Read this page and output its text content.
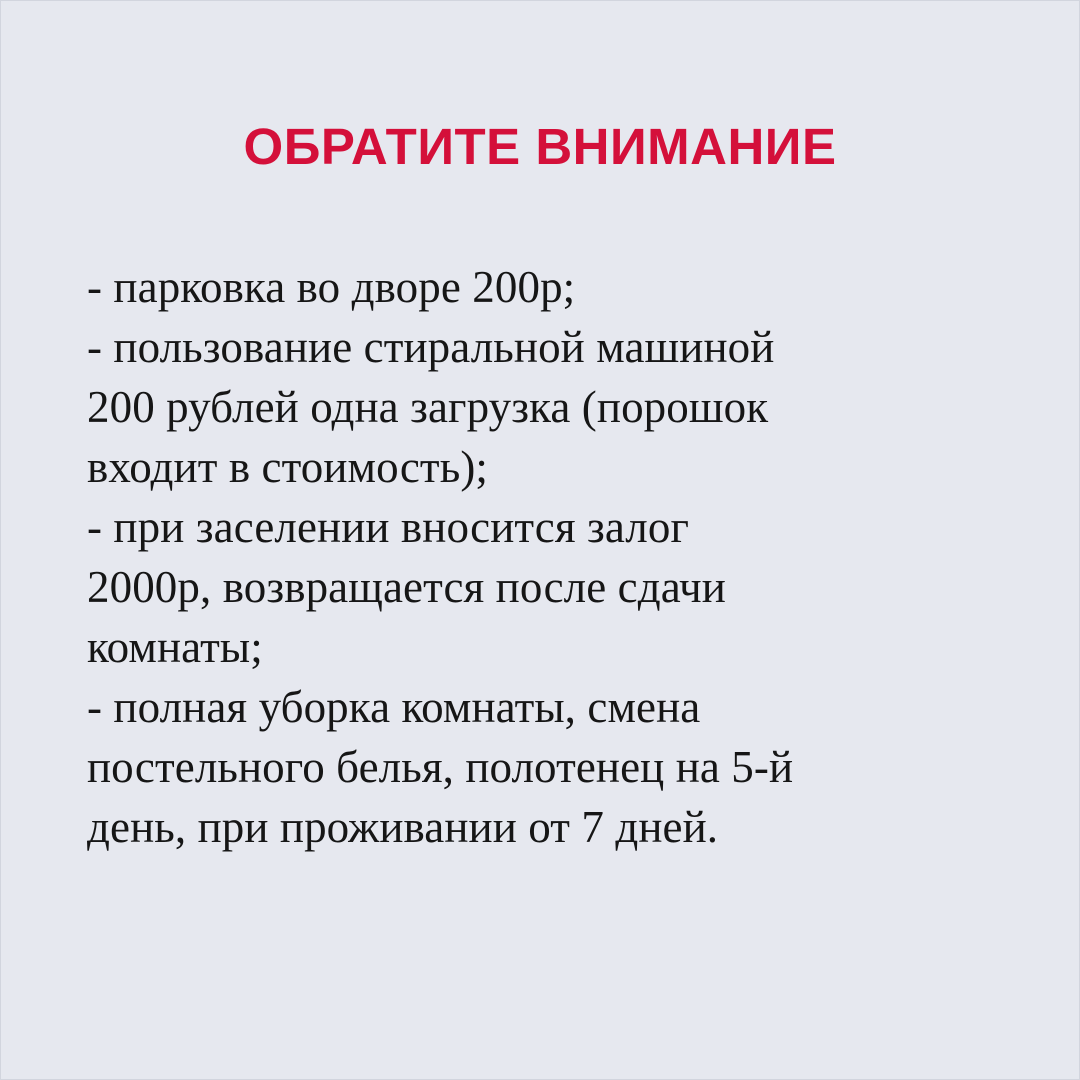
ОБРАТИТЕ ВНИМАНИЕ
- парковка во дворе 200р;
- пользование стиральной машиной
200 рублей одна загрузка (порошок
входит в стоимость);
- при заселении вносится залог
2000р, возвращается после сдачи
комнаты;
- полная уборка комнаты, смена
постельного белья, полотенец на 5-й
день, при проживании от 7 дней.
